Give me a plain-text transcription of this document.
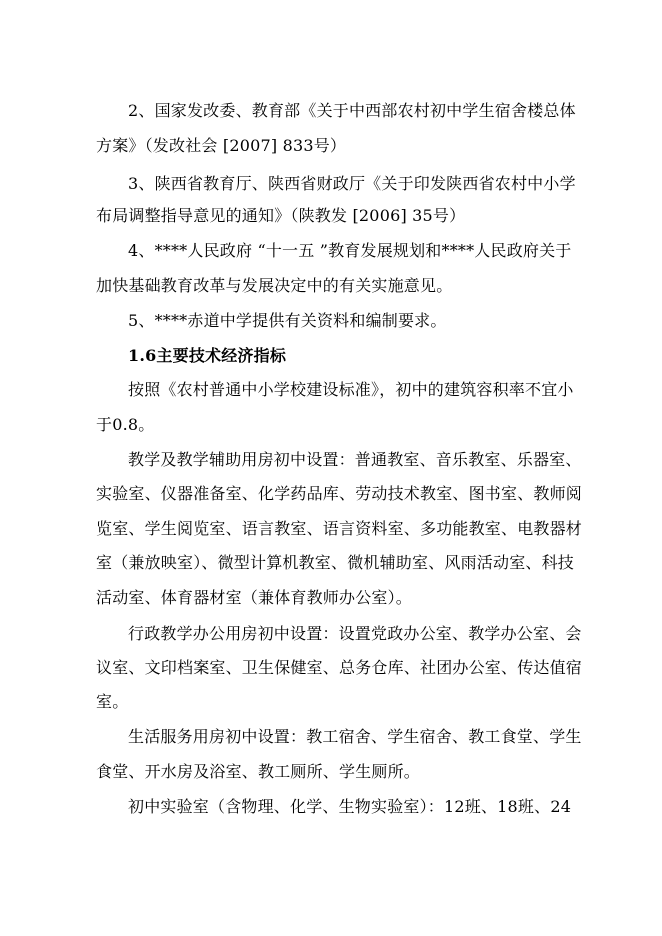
2、国家发改委、教育部《关于中西部农村初中学生宿舍楼总体
方案》（发改社会 [2007] 833号）
3、陕西省教育厅、陕西省财政厅《关于印发陕西省农村中小学
布局调整指导意见的通知》（陕教发 [2006] 35号）
4、****人民政府 “十一五 ”教育发展规划和****人民政府关于
加快基础教育改革与发展决定中的有关实施意见。
5、****赤道中学提供有关资料和编制要求。
1.6主要技术经济指标
按照《农村普通中小学校建设标准》，初中的建筑容积率不宜小
于0.8。
教学及教学辅助用房初中设置：普通教室、音乐教室、乐器室、
实验室、仪器准备室、化学药品库、劳动技术教室、图书室、教师阅
览室、学生阅览室、语言教室、语言资料室、多功能教室、电教器材
室（兼放映室）、微型计算机教室、微机辅助室、风雨活动室、科技
活动室、体育器材室（兼体育教师办公室）。
行政教学办公用房初中设置：设置党政办公室、教学办公室、会
议室、文印档案室、卫生保健室、总务仓库、社团办公室、传达值宿
室。
生活服务用房初中设置：教工宿舍、学生宿舍、教工食堂、学生
食堂、开水房及浴室、教工厕所、学生厕所。
初中实验室（含物理、化学、生物实验室）：12班、18班、24
